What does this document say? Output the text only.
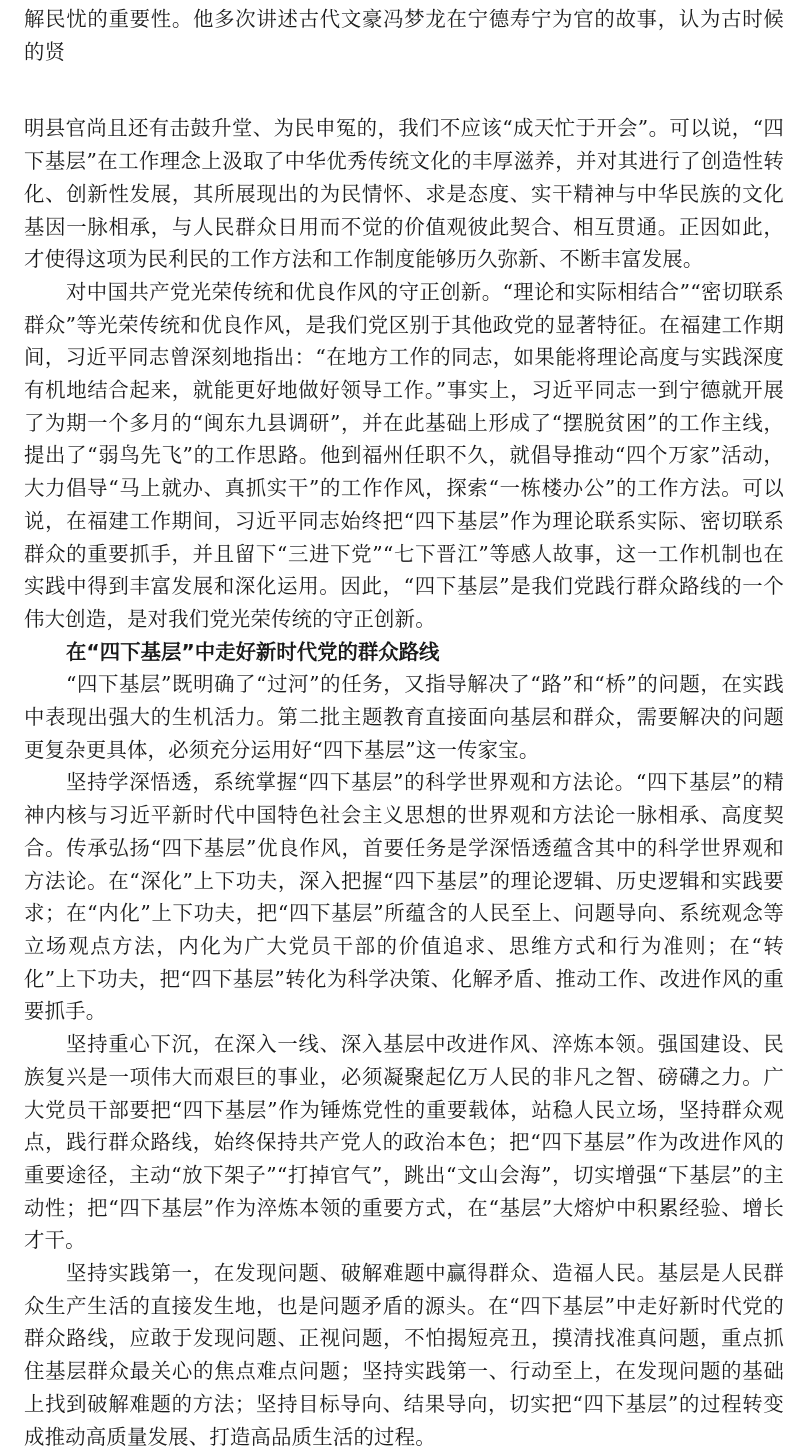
解民忧的重要性。他多次讲述古代文豪冯梦龙在宁德寿宁为官的故事，认为古时候的贤

明县官尚且还有击鼓升堂、为民申冤的，我们不应该“成天忙于开会”。可以说，“四下基层”在工作理念上汲取了中华优秀传统文化的丰厚滋养，并对其进行了创造性转化、创新性发展，其所展现出的为民情怀、求是态度、实干精神与中华民族的文化基因一脉相承，与人民群众日用而不觉的价值观彼此契合、相互贯通。正因如此，才使得这项为民利民的工作方法和工作制度能够历久弥新、不断丰富发展。

对中国共产党光荣传统和优良作风的守正创新。“理论和实际相结合”“密切联系群众”等光荣传统和优良作风，是我们党区别于其他政党的显著特征。在福建工作期间，习近平同志曾深刻地指出：“在地方工作的同志，如果能将理论高度与实践深度有机地结合起来，就能更好地做好领导工作。”事实上，习近平同志一到宁德就开展了为期一个多月的“闽东九县调研”，并在此基础上形成了“摆脱贫困”的工作主线，提出了“弱鸟先飞”的工作思路。他到福州任职不久，就倡导推动“四个万家”活动，大力倡导“马上就办、真抓实干”的工作作风，探索“一栋楼办公”的工作方法。可以说，在福建工作期间，习近平同志始终把“四下基层”作为理论联系实际、密切联系群众的重要抓手，并且留下“三进下党”“七下晋江”等感人故事，这一工作机制也在实践中得到丰富发展和深化运用。因此，“四下基层”是我们党践行群众路线的一个伟大创造，是对我们党光荣传统的守正创新。

在“四下基层”中走好新时代党的群众路线

“四下基层”既明确了“过河”的任务，又指导解决了“路”和“桥”的问题，在实践中表现出强大的生机活力。第二批主题教育直接面向基层和群众，需要解决的问题更复杂更具体，必须充分运用好“四下基层”这一传家宝。

坚持学深悟透，系统掌握“四下基层”的科学世界观和方法论。“四下基层”的精神内核与习近平新时代中国特色社会主义思想的世界观和方法论一脉相承、高度契合。传承弘扬“四下基层”优良作风，首要任务是学深悟透蕴含其中的科学世界观和方法论。在“深化”上下功夫，深入把握“四下基层”的理论逻辑、历史逻辑和实践要求；在“内化”上下功夫，把“四下基层”所蕴含的人民至上、问题导向、系统观念等立场观点方法，内化为广大党员干部的价值追求、思维方式和行为准则；在“转化”上下功夫，把“四下基层”转化为科学决策、化解矛盾、推动工作、改进作风的重要抓手。

坚持重心下沉，在深入一线、深入基层中改进作风、淬炼本领。强国建设、民族复兴是一项伟大而艰巨的事业，必须凝聚起亿万人民的非凡之智、磅礴之力。广大党员干部要把“四下基层”作为锤炼党性的重要载体，站稳人民立场，坚持群众观点，践行群众路线，始终保持共产党人的政治本色；把“四下基层”作为改进作风的重要途径，主动“放下架子”“打掉官气”，跳出“文山会海”，切实增强“下基层”的主动性；把“四下基层”作为淬炼本领的重要方式，在“基层”大熔炉中积累经验、增长才干。

坚持实践第一，在发现问题、破解难题中赢得群众、造福人民。基层是人民群众生产生活的直接发生地，也是问题矛盾的源头。在“四下基层”中走好新时代党的群众路线，应敢于发现问题、正视问题，不怕揭短亮丑，摸清找准真问题，重点抓住基层群众最关心的焦点难点问题；坚持实践第一、行动至上，在发现问题的基础上找到破解难题的方法；坚持目标导向、结果导向，切实把“四下基层”的过程转变成推动高质量发展、打造高品质生活的过程。
